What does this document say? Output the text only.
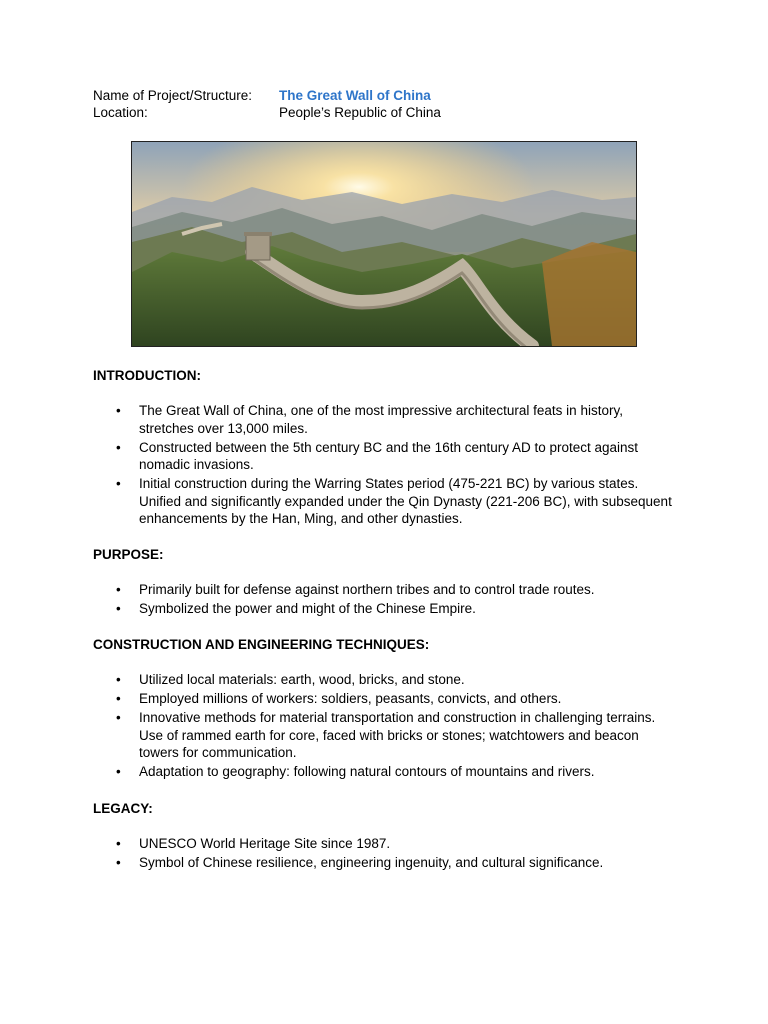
Name of Project/Structure: The Great Wall of China
Location:	People’s Republic of China
INTRODUCTION:
• The Great Wall of China, one of the most impressive architectural feats in history, stretches over 13,000 miles.
• Constructed between the 5th century BC and the 16th century AD to protect against nomadic invasions.
• Initial construction during the Warring States period (475-221 BC) by various states. Unified and significantly expanded under the Qin Dynasty (221-206 BC), with subsequent enhancements by the Han, Ming, and other dynasties.
PURPOSE:
• Primarily built for defense against northern tribes and to control trade routes.
• Symbolized the power and might of the Chinese Empire.
CONSTRUCTION AND ENGINEERING TECHNIQUES:
• Utilized local materials: earth, wood, bricks, and stone.
• Employed millions of workers: soldiers, peasants, convicts, and others.
• Innovative methods for material transportation and construction in challenging terrains. Use of rammed earth for core, faced with bricks or stones; watchtowers and beacon towers for communication.
• Adaptation to geography: following natural contours of mountains and rivers.
LEGACY:
• UNESCO World Heritage Site since 1987.
• Symbol of Chinese resilience, engineering ingenuity, and cultural significance.
